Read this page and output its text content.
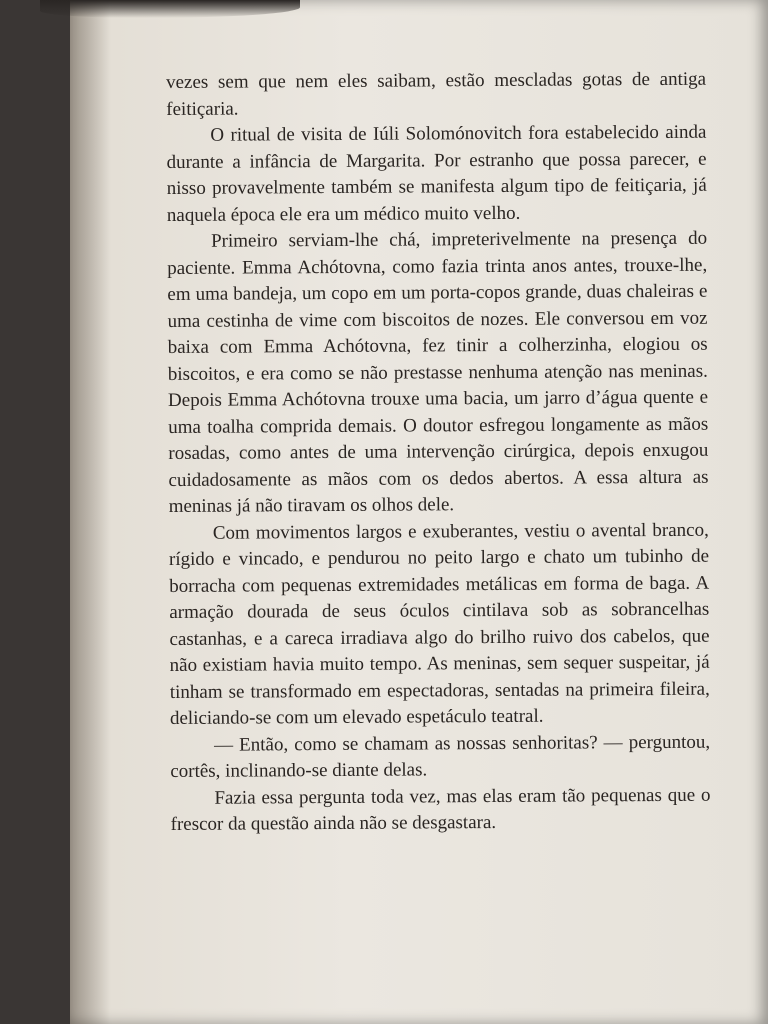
vezes sem que nem eles saibam, estão mescladas gotas de antiga feitiçaria.

O ritual de visita de Iúli Solomónovitch fora estabelecido ainda durante a infância de Margarita. Por estranho que possa parecer, e nisso provavelmente também se manifesta algum tipo de feitiçaria, já naquela época ele era um médico muito velho.

Primeiro serviam-lhe chá, impreterivelmente na presença do paciente. Emma Achótovna, como fazia trinta anos antes, trouxe-lhe, em uma bandeja, um copo em um porta-copos grande, duas chaleiras e uma cestinha de vime com biscoitos de nozes. Ele conversou em voz baixa com Emma Achótovna, fez tinir a colherzinha, elogiou os biscoitos, e era como se não prestasse nenhuma atenção nas meninas. Depois Emma Achótovna trouxe uma bacia, um jarro d’água quente e uma toalha comprida demais. O doutor esfregou longamente as mãos rosadas, como antes de uma intervenção cirúrgica, depois enxugou cuidadosamente as mãos com os dedos abertos. A essa altura as meninas já não tiravam os olhos dele.

Com movimentos largos e exuberantes, vestiu o avental branco, rígido e vincado, e pendurou no peito largo e chato um tubinho de borracha com pequenas extremidades metálicas em forma de baga. A armação dourada de seus óculos cintilava sob as sobrancelhas castanhas, e a careca irradiava algo do brilho ruivo dos cabelos, que não existiam havia muito tempo. As meninas, sem sequer suspeitar, já tinham se transformado em espectadoras, sentadas na primeira fileira, deliciando-se com um elevado espetáculo teatral.

— Então, como se chamam as nossas senhoritas? — perguntou, cortês, inclinando-se diante delas.

Fazia essa pergunta toda vez, mas elas eram tão pequenas que o frescor da questão ainda não se desgastara.
